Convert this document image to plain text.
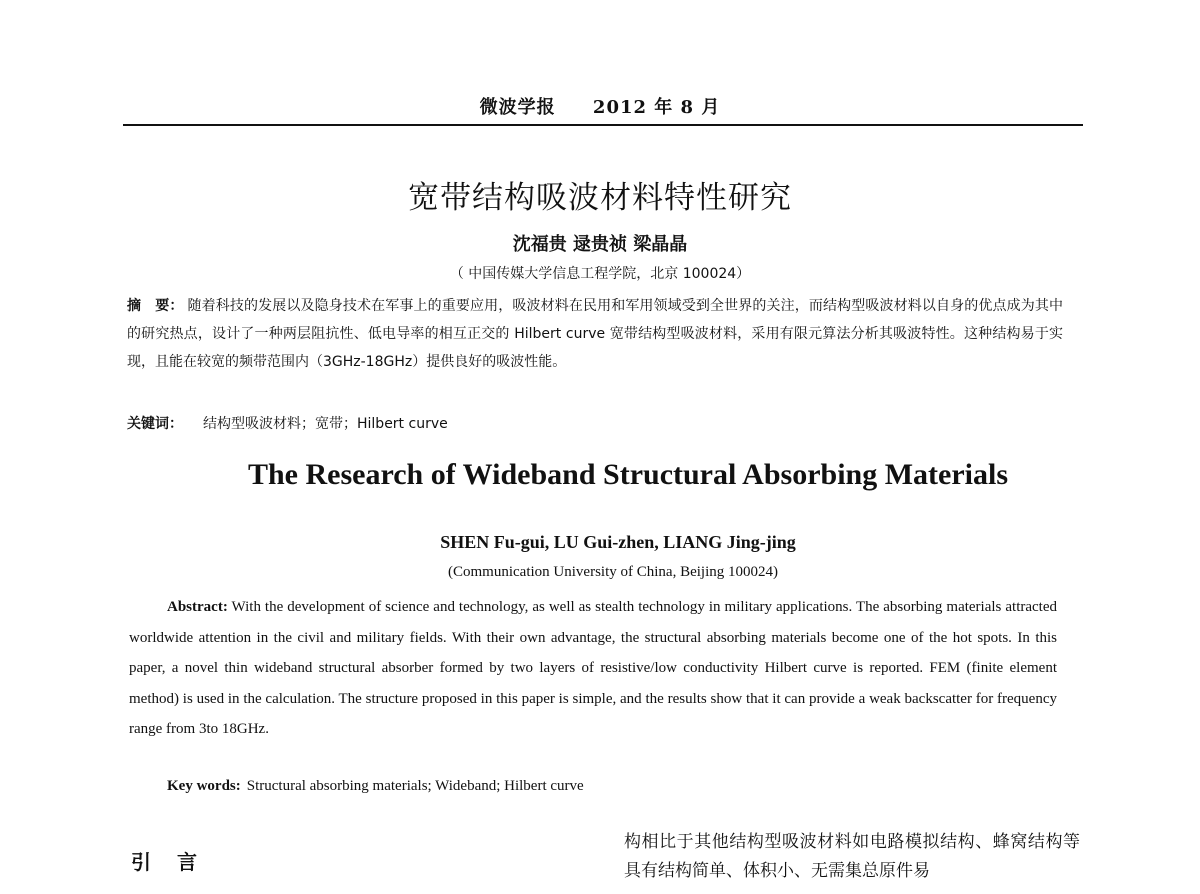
微波学报 2012 年 8 月
宽带结构吸波材料特性研究
沈福贵 逯贵祯 梁晶晶
（ 中国传媒大学信息工程学院，北京 100024）
摘　要： 随着科技的发展以及隐身技术在军事上的重要应用，吸波材料在民用和军用领域受到全世界的关注，而结构型吸波材料以自身的优点成为其中的研究热点，设计了一种两层阻抗性、低电导率的相互正交的 Hilbert curve 宽带结构型吸波材料，采用有限元算法分析其吸波特性。这种结构易于实现，且能在较宽的频带范围内（3GHz-18GHz）提供良好的吸波性能。
关键词： 结构型吸波材料；宽带；Hilbert curve
The Research of Wideband Structural Absorbing Materials
SHEN Fu-gui, LU Gui-zhen, LIANG Jing-jing
(Communication University of China, Beijing 100024)
Abstract: With the development of science and technology, as well as stealth technology in military applications. The absorbing materials attracted worldwide attention in the civil and military fields. With their own advantage, the structural absorbing materials become one of the hot spots. In this paper, a novel thin wideband structural absorber formed by two layers of resistive/low conductivity Hilbert curve is reported. FEM (finite element method) is used in the calculation. The structure proposed in this paper is simple, and the results show that it can provide a weak backscatter for frequency range from 3to 18GHz.
Key words: Structural absorbing materials; Wideband; Hilbert curve
引言
构相比于其他结构型吸波材料如电路模拟结构、蜂窝结构等具有结构简单、体积小、无需集总原件易
